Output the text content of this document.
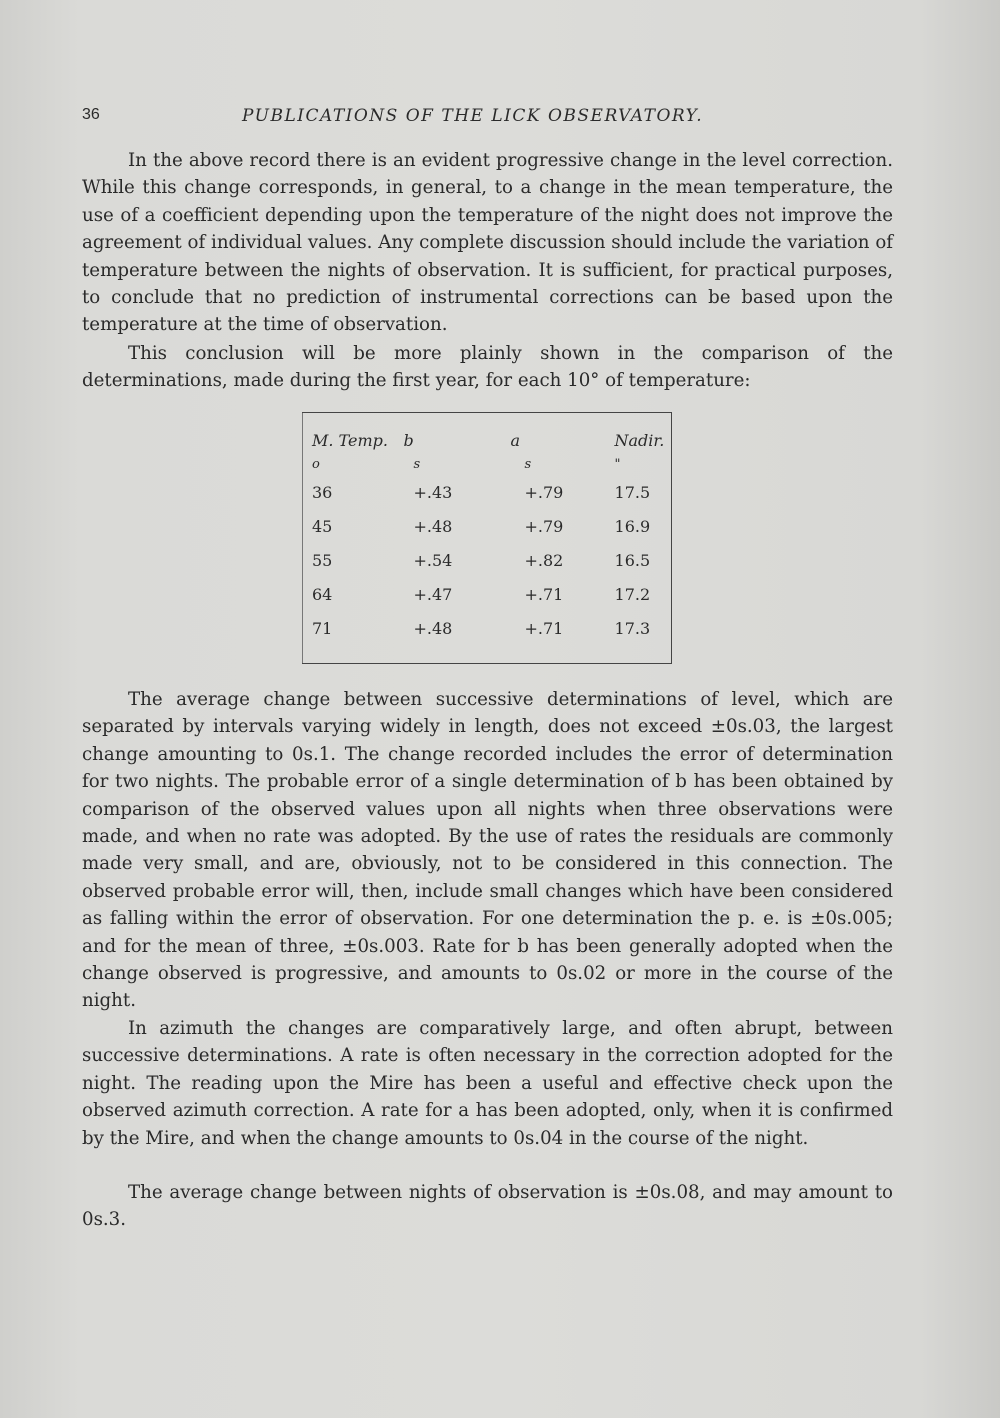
36	PUBLICATIONS OF THE LICK OBSERVATORY.

In the above record there is an evident progressive change in the level correction. While this change corresponds, in general, to a change in the mean temperature, the use of a coefficient depending upon the temperature of the night does not improve the agreement of individual values. Any complete discussion should include the variation of temperature between the nights of observation. It is sufficient, for practical purposes, to conclude that no prediction of instrumental corrections can be based upon the temperature at the time of observation.

This conclusion will be more plainly shown in the comparison of the determinations, made during the first year, for each 10° of temperature:

M. Temp.	b	a	Nadir.
o	s	s	"
36	+.43	+.79	17.5
45	+.48	+.79	16.9
55	+.54	+.82	16.5
64	+.47	+.71	17.2
71	+.48	+.71	17.3

The average change between successive determinations of level, which are separated by intervals varying widely in length, does not exceed ±0s.03, the largest change amounting to 0s.1. The change recorded includes the error of determination for two nights. The probable error of a single determination of b has been obtained by comparison of the observed values upon all nights when three observations were made, and when no rate was adopted. By the use of rates the residuals are commonly made very small, and are, obviously, not to be considered in this connection. The observed probable error will, then, include small changes which have been considered as falling within the error of observation. For one determination the p. e. is ±0s.005; and for the mean of three, ±0s.003. Rate for b has been generally adopted when the change observed is progressive, and amounts to 0s.02 or more in the course of the night.

In azimuth the changes are comparatively large, and often abrupt, between successive determinations. A rate is often necessary in the correction adopted for the night. The reading upon the Mire has been a useful and effective check upon the observed azimuth correction. A rate for a has been adopted, only, when it is confirmed by the Mire, and when the change amounts to 0s.04 in the course of the night.

The average change between nights of observation is ±0s.08, and may amount to 0s.3.
